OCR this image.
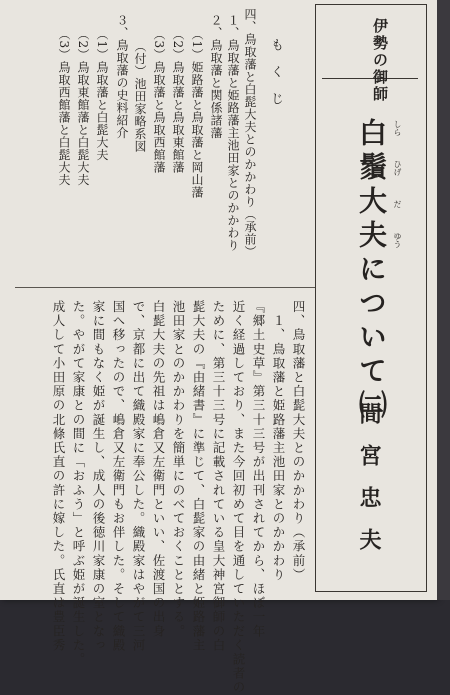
もくじ
四、鳥取藩と白髭大夫とのかかわり（承前）
１、鳥取藩と姫路藩主池田家とのかかわり
２、鳥取藩と関係諸藩
（1）姫路藩と鳥取藩と岡山藩
（2）鳥取藩と鳥取東館藩
（3）鳥取藩と鳥取西館藩
（付）池田家略系図
３、鳥取藩の史料紹介
（1）鳥取藩と白髭大夫
（2）鳥取東館藩と白髭大夫
（3）鳥取西館藩と白髭大夫
四、鳥取藩と白髭大夫とのかかわり（承前）
　１、鳥取藩と姫路藩主池田家とのかかわり
『郷土史草』第三十三号が出刊されてから、ほぼ一年
近く経過しており、また今回初めて目を通していただく読者の
ために、第三十三号に記載されている皇大神宮御師の白
髭大夫の『由緒書』に準じて、白髭家の由緒と姫路藩主
池田家とのかかわりを簡単にのべておくこととする。
白髭大夫の先祖は嶋倉又左衛門といい、佐渡国の出身
で、京都に出て織殿家に奉公した。織殿家はやがて三河
国へ移ったので、嶋倉又左衛門もお伴した。そして織殿
家に間もなく姫が誕生し、成人の後徳川家康の室となっ
た。やがて家康との間に「おふう」と呼ぶ姫が誕生した。
成人して小田原の北條氏直の許に嫁した。氏直は豊臣秀
伊勢の御師
白鬚大夫について㈡ しら
ひげ
だ
ゆう
間宮忠夫
